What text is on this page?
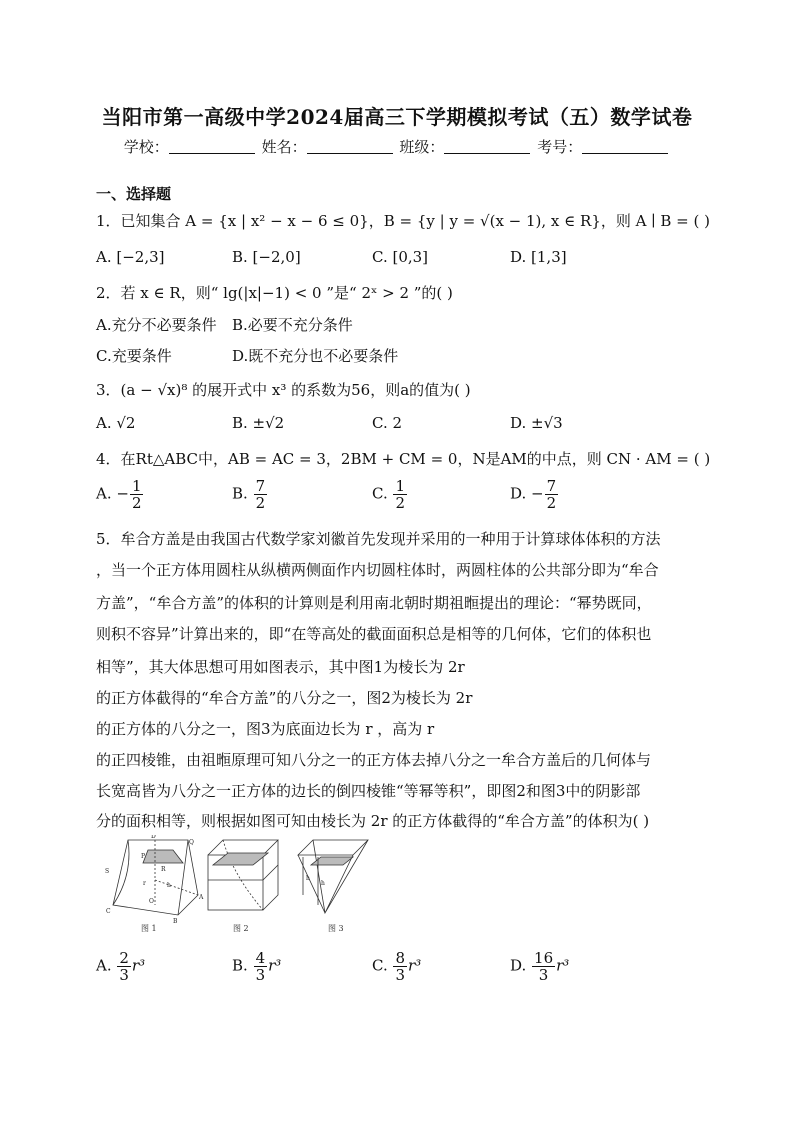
当阳市第一高级中学2024届高三下学期模拟考试（五）数学试卷
学校：	姓名：	班级：	考号：
一、选择题
1．已知集合 A = {x | x² − x − 6 ≤ 0}，B = {y | y = √(x − 1), x ∈ R}，则 A ∣ B = ( )
A. [−2,3]	B. [−2,0]	C. [0,3]	D. [1,3]
2．若 x ∈ R，则“ lg(|x|−1) < 0 ”是“ 2ˣ > 2 ”的( )
A.充分不必要条件 B.必要不充分条件
C.充要条件	D.既不充分也不必要条件
3．(a − √x)⁸ 的展开式中 x³ 的系数为56，则a的值为( )
A. √2	B. ±√2	C. 2	D. ±√3
4．在Rt△ABC中，AB = AC = 3，2BM + CM = 0，N是AM的中点，则 CN · AM = ( )
A. − $\frac{1}{2}$	B. $\frac{7}{2}$	C. $\frac{1}{2}$	D. − $\frac{7}{2}$
5．牟合方盖是由我国古代数学家刘徽首先发现并采用的一种用于计算球体体积的方法
，当一个正方体用圆柱从纵横两侧面作内切圆柱体时，两圆柱体的公共部分即为“牟合
方盖”，“牟合方盖”的体积的计算则是利用南北朝时期祖暅提出的理论：“幂势既同，
则积不容异”计算出来的，即“在等高处的截面面积总是相等的几何体，它们的体积也
相等”，其大体思想可用如图表示，其中图1为棱长为 2r
的正方体截得的“牟合方盖”的八分之一，图2为棱长为 2r
的正方体的八分之一，图3为底面边长为 r ，高为 r
的正四棱锥，由祖暅原理可知八分之一的正方体去掉八分之一牟合方盖后的几何体与
长宽高皆为八分之一正方体的边长的倒四棱锥“等幂等积”，即图2和图3中的阴影部
分的面积相等，则根据如图可知由棱长为 2r 的正方体截得的“牟合方盖”的体积为( )
D
Q
P
R
S
r	h
O
A
C
B
h
h
图 1	图 2	图 3
A. $\frac{2}{3} r^3$	B. $\frac{4}{3} r^3$	C. $\frac{8}{3} r^3$	D. $\frac{16}{3} r^3$
